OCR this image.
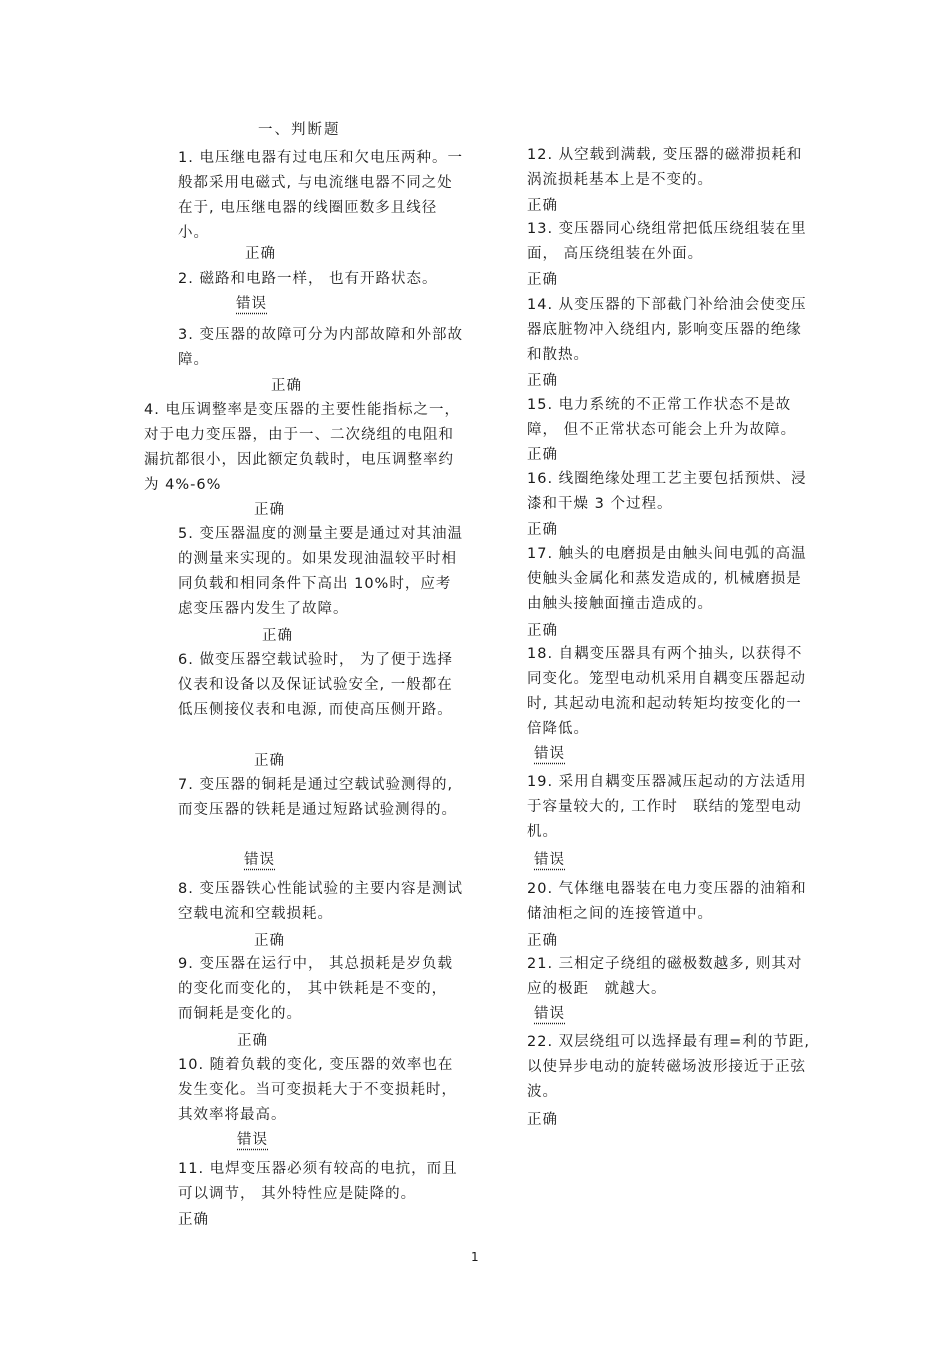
一、判断题
1. 电压继电器有过电压和欠电压两种。一般都采用电磁式, 与电流继电器不同之处在于, 电压继电器的线圈匝数多且线径小。
正确
2. 磁路和电路一样， 也有开路状态。
错误
3. 变压器的故障可分为内部故障和外部故障。
正确
4. 电压调整率是变压器的主要性能指标之一，对于电力变压器，由于一、二次绕组的电阻和漏抗都很小，因此额定负载时，电压调整率约为 4%-6%
正确
5. 变压器温度的测量主要是通过对其油温的测量来实现的。如果发现油温较平时相同负载和相同条件下高出 10%时，应考虑变压器内发生了故障。
正确
6. 做变压器空载试验时， 为了便于选择仪表和设备以及保证试验安全, 一般都在低压侧接仪表和电源, 而使高压侧开路。
正确
7. 变压器的铜耗是通过空载试验测得的, 而变压器的铁耗是通过短路试验测得的。
错误
8. 变压器铁心性能试验的主要内容是测试空载电流和空载损耗。
正确
9. 变压器在运行中， 其总损耗是岁负载的变化而变化的， 其中铁耗是不变的， 而铜耗是变化的。
正确
10. 随着负载的变化, 变压器的效率也在发生变化。当可变损耗大于不变损耗时， 其效率将最高。
错误
11. 电焊变压器必须有较高的电抗，而且可以调节， 其外特性应是陡降的。
正确
12. 从空载到满载, 变压器的磁滞损耗和涡流损耗基本上是不变的。
正确
13. 变压器同心绕组常把低压绕组装在里面， 高压绕组装在外面。
正确
14. 从变压器的下部截门补给油会使变压器底脏物冲入绕组内, 影响变压器的绝缘和散热。
正确
15. 电力系统的不正常工作状态不是故障， 但不正常状态可能会上升为故障。
正确
16. 线圈绝缘处理工艺主要包括预烘、浸漆和干燥 3 个过程。
正确
17. 触头的电磨损是由触头间电弧的高温使触头金属化和蒸发造成的, 机械磨损是由触头接触面撞击造成的。
正确
18. 自耦变压器具有两个抽头, 以获得不同变化。笼型电动机采用自耦变压器起动时, 其起动电流和起动转矩均按变化的一倍降低。
错误
19. 采用自耦变压器减压起动的方法适用于容量较大的, 工作时　联结的笼型电动机。
错误
20. 气体继电器装在电力变压器的油箱和储油柜之间的连接管道中。
正确
21. 三相定子绕组的磁极数越多, 则其对应的极距　就越大。
错误
22. 双层绕组可以选择最有理=利的节距, 以使异步电动的旋转磁场波形接近于正弦波。
正确
1
